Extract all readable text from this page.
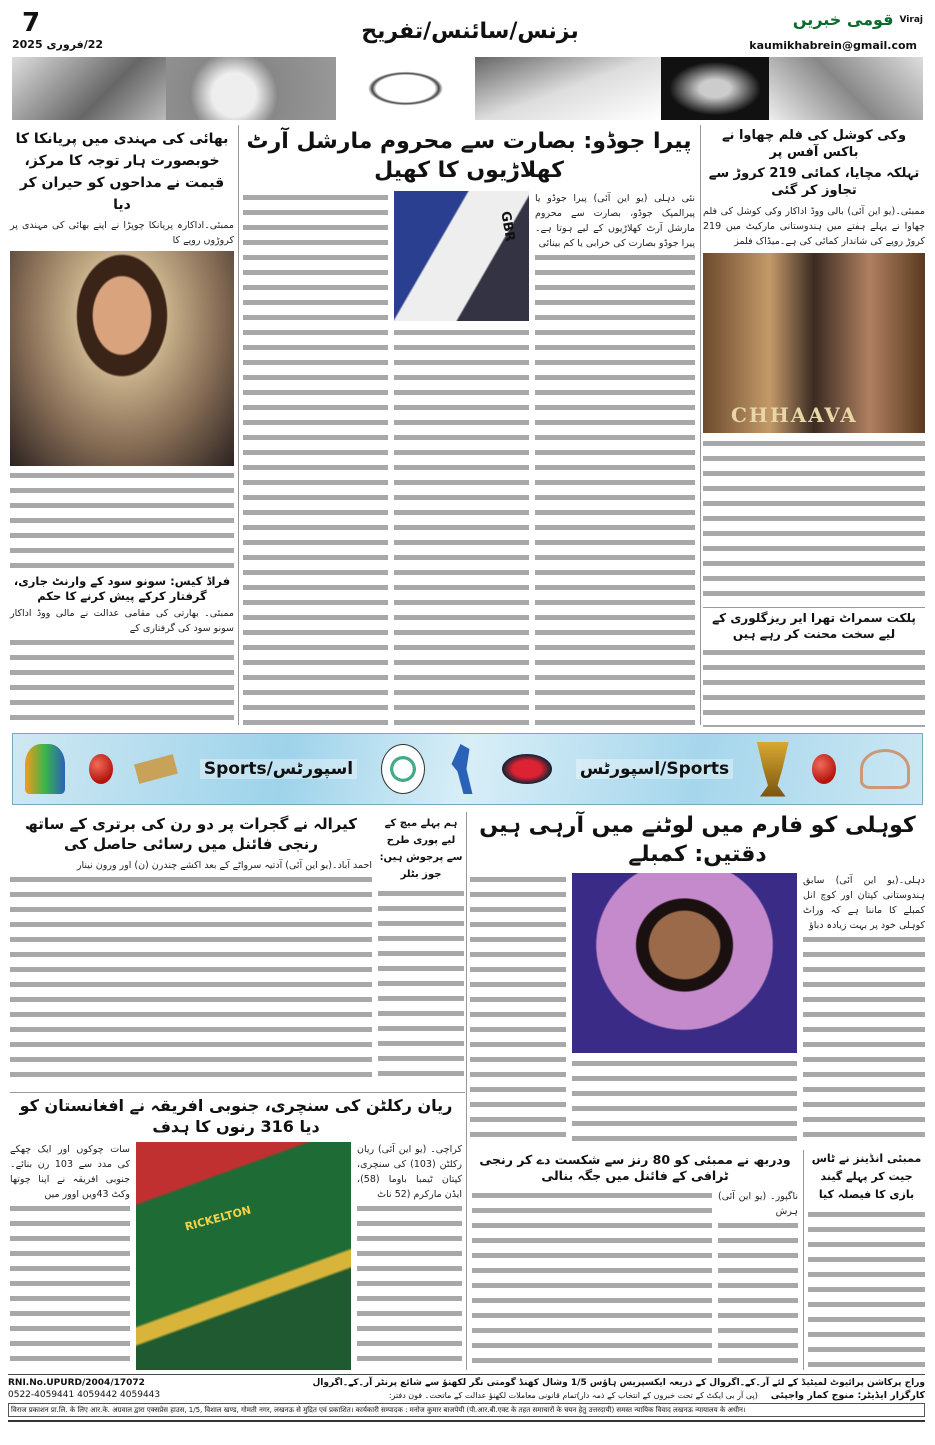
7
22/فروری 2025
بزنس/سائنس/تفریح	قومی خبریں Viraj
kaumikhabrein@gmail.com
وکی کوشل کی فلم چھاوا نے باکس آفس پر
تہلکہ مچایا، کمائی 219 کروڑ سے تجاوز کر گئی
ممبئی۔(یو این آئی) بالی ووڈ اداکار وکی کوشل کی فلم چھاوا نے پہلے ہفتے میں ہندوستانی مارکیٹ میں 219 کروڑ روپے کی شاندار کمائی کی ہے۔میڈاک فلمز
CHHAAVA
پلکت سمراٹ تھرا ایر ریزگلوری کے لیے سخت محنت کر رہے ہیں
پیرا جوڈو: بصارت سے محروم مارشل آرٹ کھلاڑیوں کا کھیل
نئی دہلی (یو این آئی) پیرا جوڈو یا پیرالمپک جوڈو، بصارت سے محروم مارشل آرٹ کھلاڑیوں کے لیے ہوتا ہے۔پیرا جوڈو بصارت کی خرابی یا کم بینائی
GBR
بھائی کی مہندی میں پریانکا کا خوبصورت ہار توجہ کا مرکز، قیمت نے مداحوں کو حیران کر دیا
ممبئی۔اداکارہ پریانکا چوپڑا نے اپنے بھائی کی مہندی پر کروڑوں روپے کا
فراڈ کیس: سونو سود کے وارنٹ جاری، گرفتار کرکے پیش کرنے کا حکم
ممبئی۔ بھارتی کی مقامی عدالت نے مالی ووڈ اداکار سونو سود کی گرفتاری کے
Sports/اسپورٹس	اسپورٹس/Sports
کوہلی کو فارم میں لوٹنے میں آرہی ہیں دقتیں: کمبلے
دہلی۔(یو این آئی) سابق ہندوستانی کپتان اور کوچ انل کمبلے کا ماننا ہے کہ وراٹ کوہلی خود پر بہت زیادہ دباؤ
ہم پہلے میچ کے لیے پوری طرح سے پرجوش ہیں: جوز بٹلر
کیرالہ نے گجرات پر دو رن کی برتری کے ساتھ رنجی فائنل میں رسائی حاصل کی
احمد آباد۔(یو این آئی) آدتیہ سرواٹے کے بعد اکشے چندرن (ن) اور ورون نینار
ریان رکلٹن کی سنچری، جنوبی افریقہ نے افغانستان کو دیا 316 رنوں کا ہدف
کراچی۔ (یو این آئی) ریان رکلٹن (103) کی سنچری، کپتان ٹیمبا باوما (58)، ایڈن مارکرم (52 ناٹ
RICKELTON
سات چوکوں اور ایک چھکے کی مدد سے 103 رن بنائے۔جنوبی افریقہ نے اپنا چوتھا وکٹ 43ویں اوور میں
ودربھ نے ممبئی کو 80 رنز سے شکست دے کر رنجی ٹرافی کے فائنل میں جگہ بنالی
ناگپور۔ (یو این آئی) ہرش
ممبئی انڈینز نے ٹاس جیت کر پہلے گیند بازی کا فیصلہ کیا
RNI.No.UPURD/2004/17072	وراج پرکاشن پرائیوٹ لمیٹیڈ کے لئے آر۔کے۔اگروال کے ذریعہ ایکسپریس ہاؤس 1/5 وشال کھنڈ گومتی نگر لکھنؤ سے شائع پرنٹر آر۔کے۔اگروال
0522-4059441 4059442 4059443	کارگزار ایڈیٹر: منوج کمار واجپئی (پی آر بی ایکٹ کے تحت خبروں کے انتخاب کے ذمہ دار)تمام قانونی معاملات لکھنؤ عدالت کے ماتحت۔ فون دفتر:
विराज प्रकाशन प्रा.लि. के लिए आर.के. अग्रवाल द्वारा एक्सप्रेस हाउस, 1/5, विशाल खण्ड, गोमती नगर, लखनऊ से मुद्रित एवं प्रकाशित। कार्यकारी सम्पादक : मनोज कुमार बाजपेयी (पी.आर.बी.एक्ट के तहत समाचारों के चयन हेतु उत्तरदायी) समस्त न्यायिक विवाद लखनऊ न्यायालय के अधीन।
